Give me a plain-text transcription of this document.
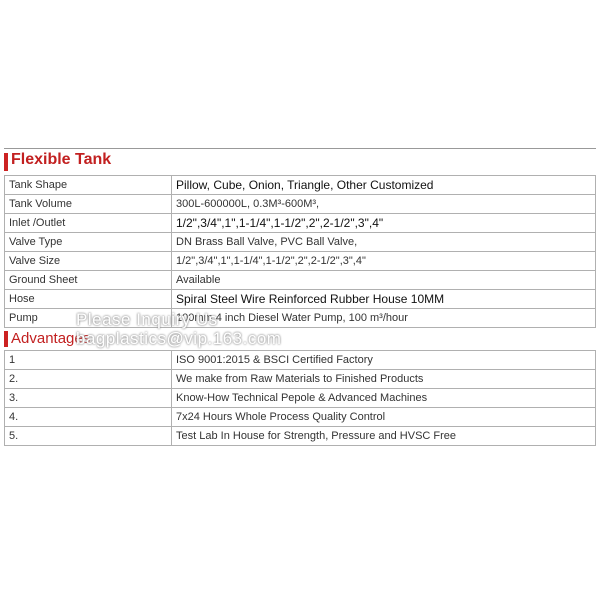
Flexible Tank
Tank Shape	Pillow, Cube, Onion, Triangle, Other Customized
Tank Volume	300L-600000L, 0.3M³-600M³,
Inlet /Outlet	1/2",3/4",1",1-1/4",1-1/2",2",2-1/2",3",4"
Valve Type	DN Brass Ball Valve, PVC Ball Valve,
Valve Size	1/2",3/4",1",1-1/4",1-1/2",2",2-1/2",3",4"
Ground Sheet	Available
Hose	Spiral Steel Wire Reinforced Rubber House 10MM
Pump	100mm 4 inch Diesel Water Pump, 100 m³/hour
Advantages
1	ISO 9001:2015 & BSCI Certified Factory
2.	We make from Raw Materials to Finished Products
3.	Know-How Technical Pepole & Advanced Machines
4.	7x24 Hours Whole Process Quality Control
5.	Test Lab In House for Strength, Pressure and HVSC Free
Please Inquiry Us
bagplastics@vip.163.com
